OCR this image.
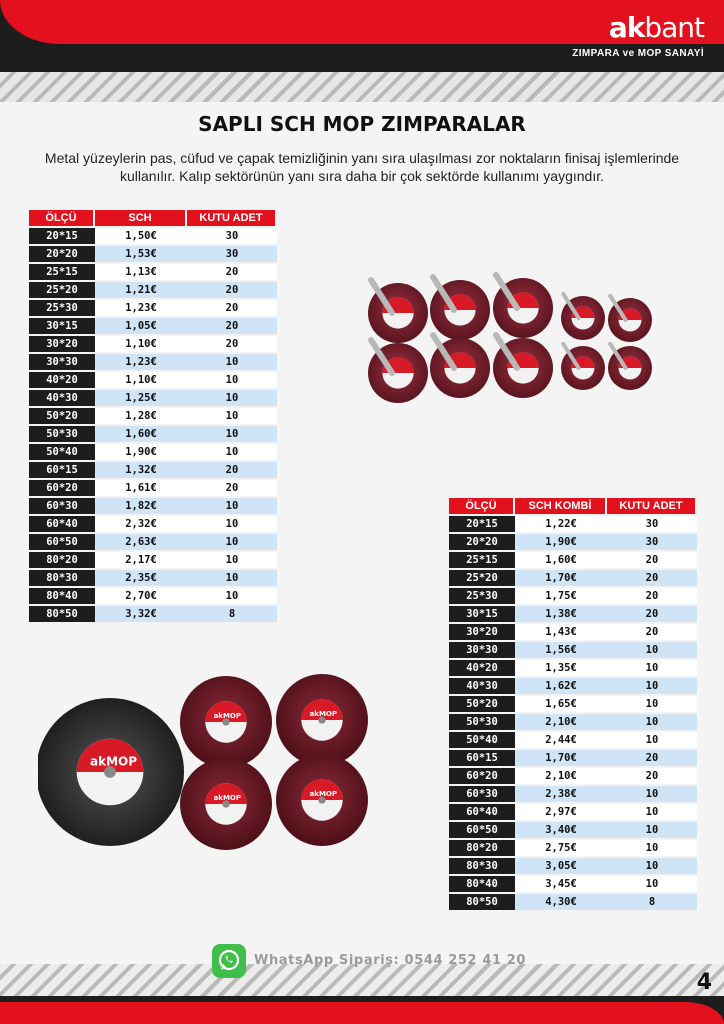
akbant
ZIMPARA ve MOP SANAYİ
SAPLI SCH MOP ZIMPARALAR
Metal yüzeylerin pas, cüfud ve çapak temizliğinin yanı sıra ulaşılması zor noktaların finisaj işlemlerinde kullanılır. Kalıp sektörünün yanı sıra daha bir çok sektörde kullanımı yaygındır.
ÖLÇÜ	SCH	KUTU ADET
20*15	1,50€	30
20*20	1,53€	30
25*15	1,13€	20
25*20	1,21€	20
25*30	1,23€	20
30*15	1,05€	20
30*20	1,10€	20
30*30	1,23€	10
40*20	1,10€	10
40*30	1,25€	10
50*20	1,28€	10
50*30	1,60€	10
50*40	1,90€	10
60*15	1,32€	20
60*20	1,61€	20
60*30	1,82€	10
60*40	2,32€	10
60*50	2,63€	10
80*20	2,17€	10
80*30	2,35€	10
80*40	2,70€	10
80*50	3,32€	8
ÖLÇÜ	SCH KOMBİ	KUTU ADET
20*15	1,22€	30
20*20	1,90€	30
25*15	1,60€	20
25*20	1,70€	20
25*30	1,75€	20
30*15	1,38€	20
30*20	1,43€	20
30*30	1,56€	10
40*20	1,35€	10
40*30	1,62€	10
50*20	1,65€	10
50*30	2,10€	10
50*40	2,44€	10
60*15	1,70€	20
60*20	2,10€	20
60*30	2,38€	10
60*40	2,97€	10
60*50	3,40€	10
80*20	2,75€	10
80*30	3,05€	10
80*40	3,45€	10
80*50	4,30€	8
akMOP
akMOP	akMOP
akMOP	akMOP
WhatsApp Sipariş: 0544 252 41 20
4
